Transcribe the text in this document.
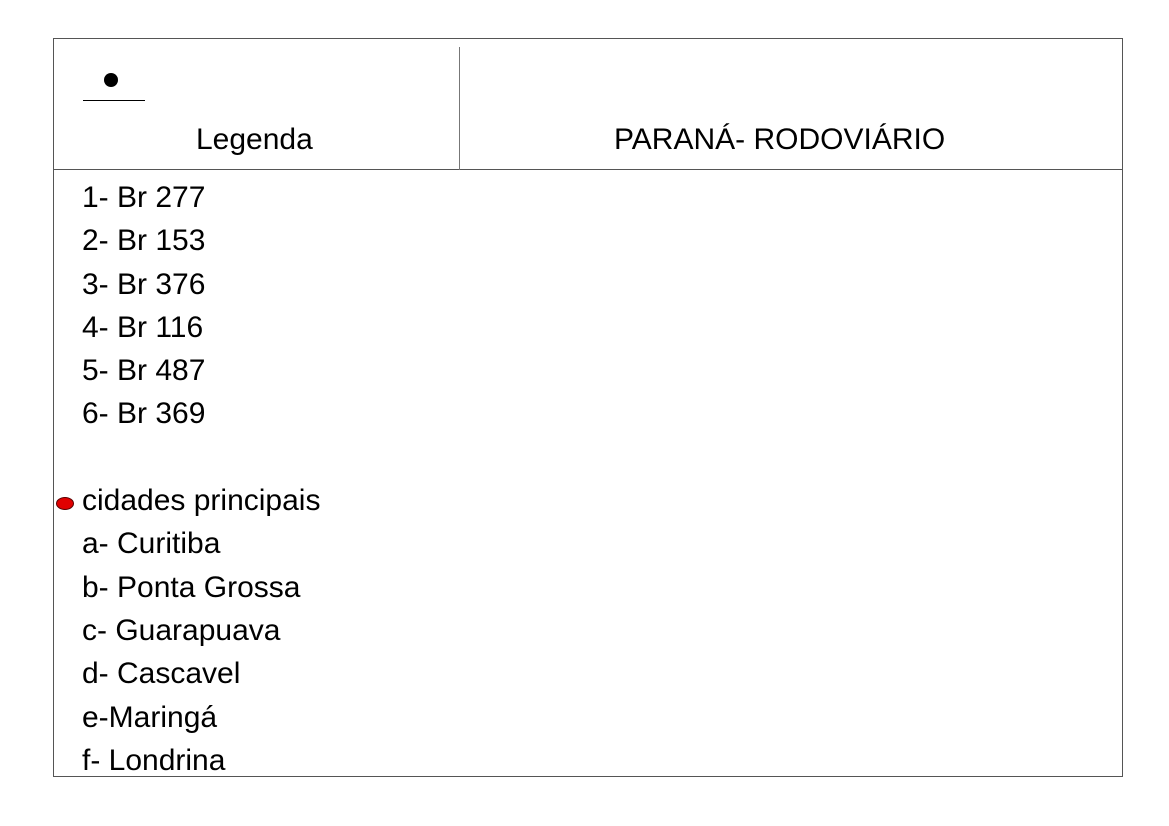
Legenda	PARANÁ- RODOVIÁRIO
1- Br 277
2- Br 153
3- Br 376
4- Br 116
5- Br 487
6- Br 369
cidades principais
a- Curitiba
b- Ponta Grossa
c- Guarapuava
d- Cascavel
e-Maringá
f- Londrina
